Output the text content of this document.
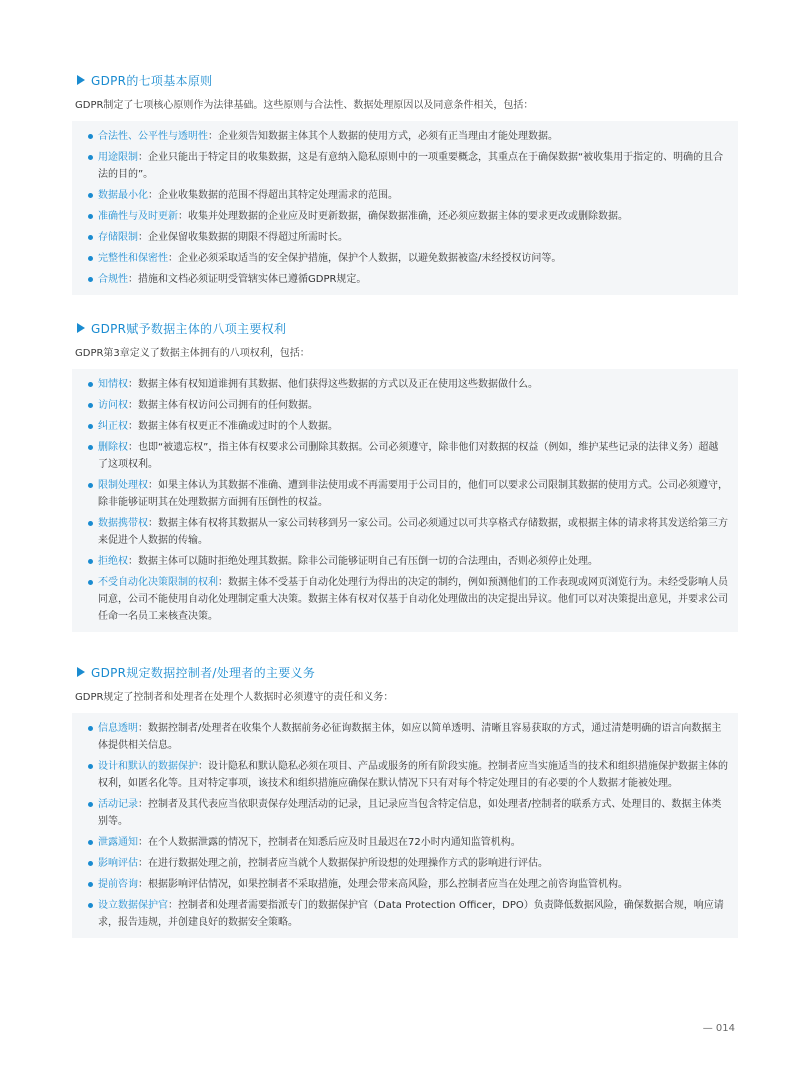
GDPR的七项基本原则
GDPR制定了七项核心原则作为法律基础。这些原则与合法性、数据处理原因以及同意条件相关，包括：
合法性、公平性与透明性：企业须告知数据主体其个人数据的使用方式，必须有正当理由才能处理数据。
用途限制：企业只能出于特定目的收集数据，这是有意纳入隐私原则中的一项重要概念，其重点在于确保数据“被收集用于指定的、明确的且合法的目的”。
数据最小化：企业收集数据的范围不得超出其特定处理需求的范围。
准确性与及时更新：收集并处理数据的企业应及时更新数据，确保数据准确，还必须应数据主体的要求更改或删除数据。
存储限制：企业保留收集数据的期限不得超过所需时长。
完整性和保密性：企业必须采取适当的安全保护措施，保护个人数据，以避免数据被盗/未经授权访问等。
合规性：措施和文档必须证明受管辖实体已遵循GDPR规定。
GDPR赋予数据主体的八项主要权利
GDPR第3章定义了数据主体拥有的八项权利，包括：
知情权：数据主体有权知道谁拥有其数据、他们获得这些数据的方式以及正在使用这些数据做什么。
访问权：数据主体有权访问公司拥有的任何数据。
纠正权：数据主体有权更正不准确或过时的个人数据。
删除权：也即“被遗忘权”，指主体有权要求公司删除其数据。公司必须遵守，除非他们对数据的权益（例如，维护某些记录的法律义务）超越了这项权利。
限制处理权：如果主体认为其数据不准确、遭到非法使用或不再需要用于公司目的，他们可以要求公司限制其数据的使用方式。公司必须遵守，除非能够证明其在处理数据方面拥有压倒性的权益。
数据携带权：数据主体有权将其数据从一家公司转移到另一家公司。公司必须通过以可共享格式存储数据，或根据主体的请求将其发送给第三方来促进个人数据的传输。
拒绝权：数据主体可以随时拒绝处理其数据。除非公司能够证明自己有压倒一切的合法理由，否则必须停止处理。
不受自动化决策限制的权利：数据主体不受基于自动化处理行为得出的决定的制约，例如预测他们的工作表现或网页浏览行为。未经受影响人员同意，公司不能使用自动化处理制定重大决策。数据主体有权对仅基于自动化处理做出的决定提出异议。他们可以对决策提出意见，并要求公司任命一名员工来核查决策。
GDPR规定数据控制者/处理者的主要义务
GDPR规定了控制者和处理者在处理个人数据时必须遵守的责任和义务：
信息透明：数据控制者/处理者在收集个人数据前务必征询数据主体，如应以简单透明、清晰且容易获取的方式，通过清楚明确的语言向数据主体提供相关信息。
设计和默认的数据保护：设计隐私和默认隐私必须在项目、产品或服务的所有阶段实施。控制者应当实施适当的技术和组织措施保护数据主体的权利，如匿名化等。且对特定事项，该技术和组织措施应确保在默认情况下只有对每个特定处理目的有必要的个人数据才能被处理。
活动记录：控制者及其代表应当依职责保存处理活动的记录，且记录应当包含特定信息，如处理者/控制者的联系方式、处理目的、数据主体类别等。
泄露通知：在个人数据泄露的情况下，控制者在知悉后应及时且最迟在72小时内通知监管机构。
影响评估：在进行数据处理之前，控制者应当就个人数据保护所设想的处理操作方式的影响进行评估。
提前咨询：根据影响评估情况，如果控制者不采取措施，处理会带来高风险，那么控制者应当在处理之前咨询监管机构。
设立数据保护官：控制者和处理者需要指派专门的数据保护官（Data Protection Officer，DPO）负责降低数据风险，确保数据合规，响应请求，报告违规，并创建良好的数据安全策略。
— 014
